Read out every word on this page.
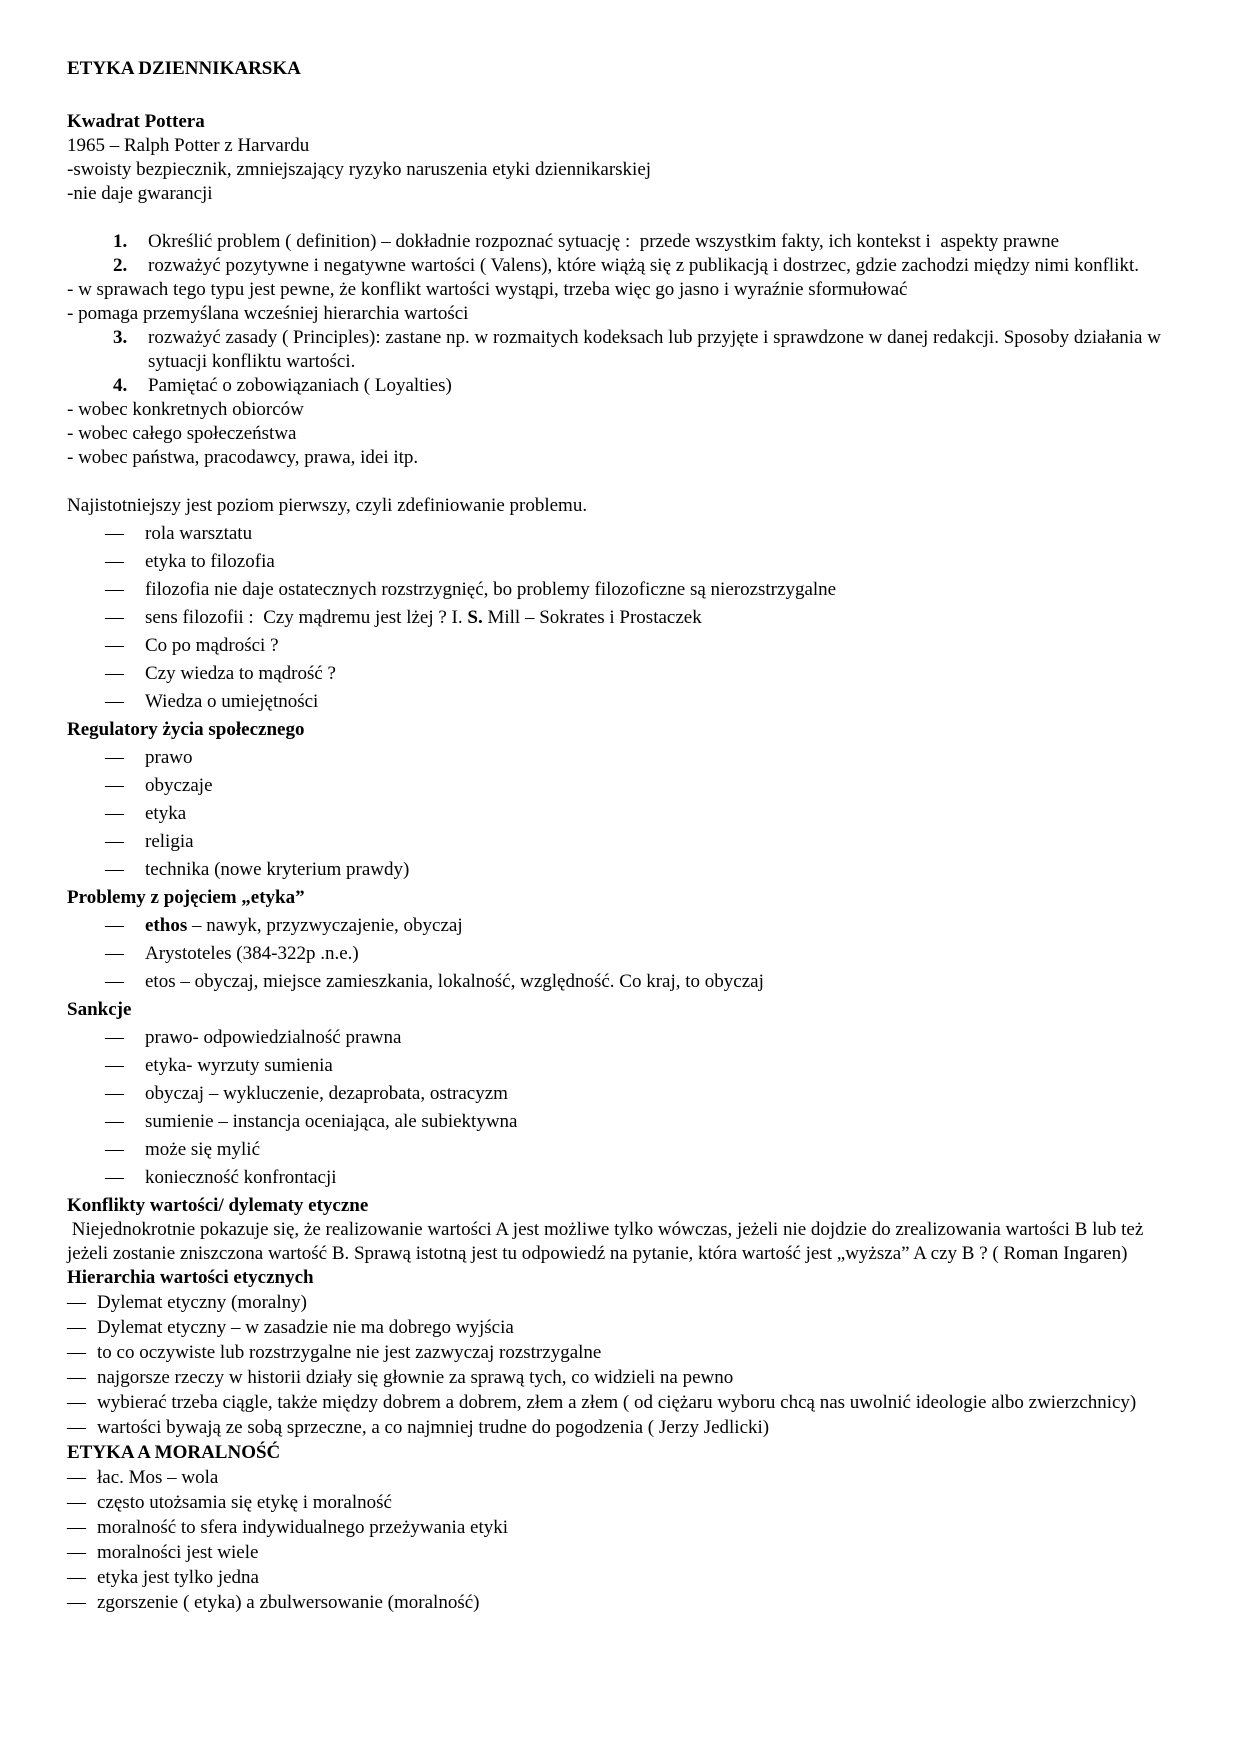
ETYKA DZIENNIKARSKA
Kwadrat Pottera
1965 – Ralph Potter z Harvardu
-swoisty bezpiecznik, zmniejszający ryzyko naruszenia etyki dziennikarskiej
-nie daje gwarancji
1. Określić problem ( definition) – dokładnie rozpoznać sytuację :  przede wszystkim fakty, ich kontekst i  aspekty prawne
2. rozważyć pozytywne i negatywne wartości ( Valens), które wiążą się z publikacją i dostrzec, gdzie zachodzi między nimi konflikt.
- w sprawach tego typu jest pewne, że konflikt wartości wystąpi, trzeba więc go jasno i wyraźnie sformułować
- pomaga przemyślana wcześniej hierarchia wartości
3. rozważyć zasady ( Principles): zastane np. w rozmaitych kodeksach lub przyjęte i sprawdzone w danej redakcji. Sposoby działania w sytuacji konfliktu wartości.
4. Pamiętać o zobowiązaniach ( Loyalties)
- wobec konkretnych obiorców
- wobec całego społeczeństwa
- wobec państwa, pracodawcy, prawa, idei itp.
Najistotniejszy jest poziom pierwszy, czyli zdefiniowanie problemu.
— rola warsztatu
— etyka to filozofia
— filozofia nie daje ostatecznych rozstrzygnięć, bo problemy filozoficzne są nierozstrzygalne
— sens filozofii :  Czy mądremu jest lżej ? I. S. Mill – Sokrates i Prostaczek
— Co po mądrości ?
— Czy wiedza to mądrość ?
— Wiedza o umiejętności
Regulatory życia społecznego
— prawo
— obyczaje
— etyka
— religia
— technika (nowe kryterium prawdy)
Problemy z pojęciem „etyka”
— ethos – nawyk, przyzwyczajenie, obyczaj
— Arystoteles (384-322p .n.e.)
— etos – obyczaj, miejsce zamieszkania, lokalność, względność. Co kraj, to obyczaj
Sankcje
— prawo- odpowiedzialność prawna
— etyka- wyrzuty sumienia
— obyczaj – wykluczenie, dezaprobata, ostracyzm
— sumienie – instancja oceniająca, ale subiektywna
— może się mylić
— konieczność konfrontacji
Konflikty wartości/ dylematy etyczne
Niejednokrotnie pokazuje się, że realizowanie wartości A jest możliwe tylko wówczas, jeżeli nie dojdzie do zrealizowania wartości B lub też jeżeli zostanie zniszczona wartość B. Sprawą istotną jest tu odpowiedź na pytanie, która wartość jest „wyższa” A czy B ? ( Roman Ingaren)
Hierarchia wartości etycznych
— Dylemat etyczny (moralny)
— Dylemat etyczny – w zasadzie nie ma dobrego wyjścia
— to co oczywiste lub rozstrzygalne nie jest zazwyczaj rozstrzygalne
— najgorsze rzeczy w historii działy się głownie za sprawą tych, co widzieli na pewno
— wybierać trzeba ciągle, także między dobrem a dobrem, złem a złem ( od ciężaru wyboru chcą nas uwolnić ideologie albo zwierzchnicy)
— wartości bywają ze sobą sprzeczne, a co najmniej trudne do pogodzenia ( Jerzy Jedlicki)
ETYKA A MORALNOŚĆ
— łac. Mos – wola
— często utożsamia się etykę i moralność
— moralność to sfera indywidualnego przeżywania etyki
— moralności jest wiele
— etyka jest tylko jedna
— zgorszenie ( etyka) a zbulwersowanie (moralność)
